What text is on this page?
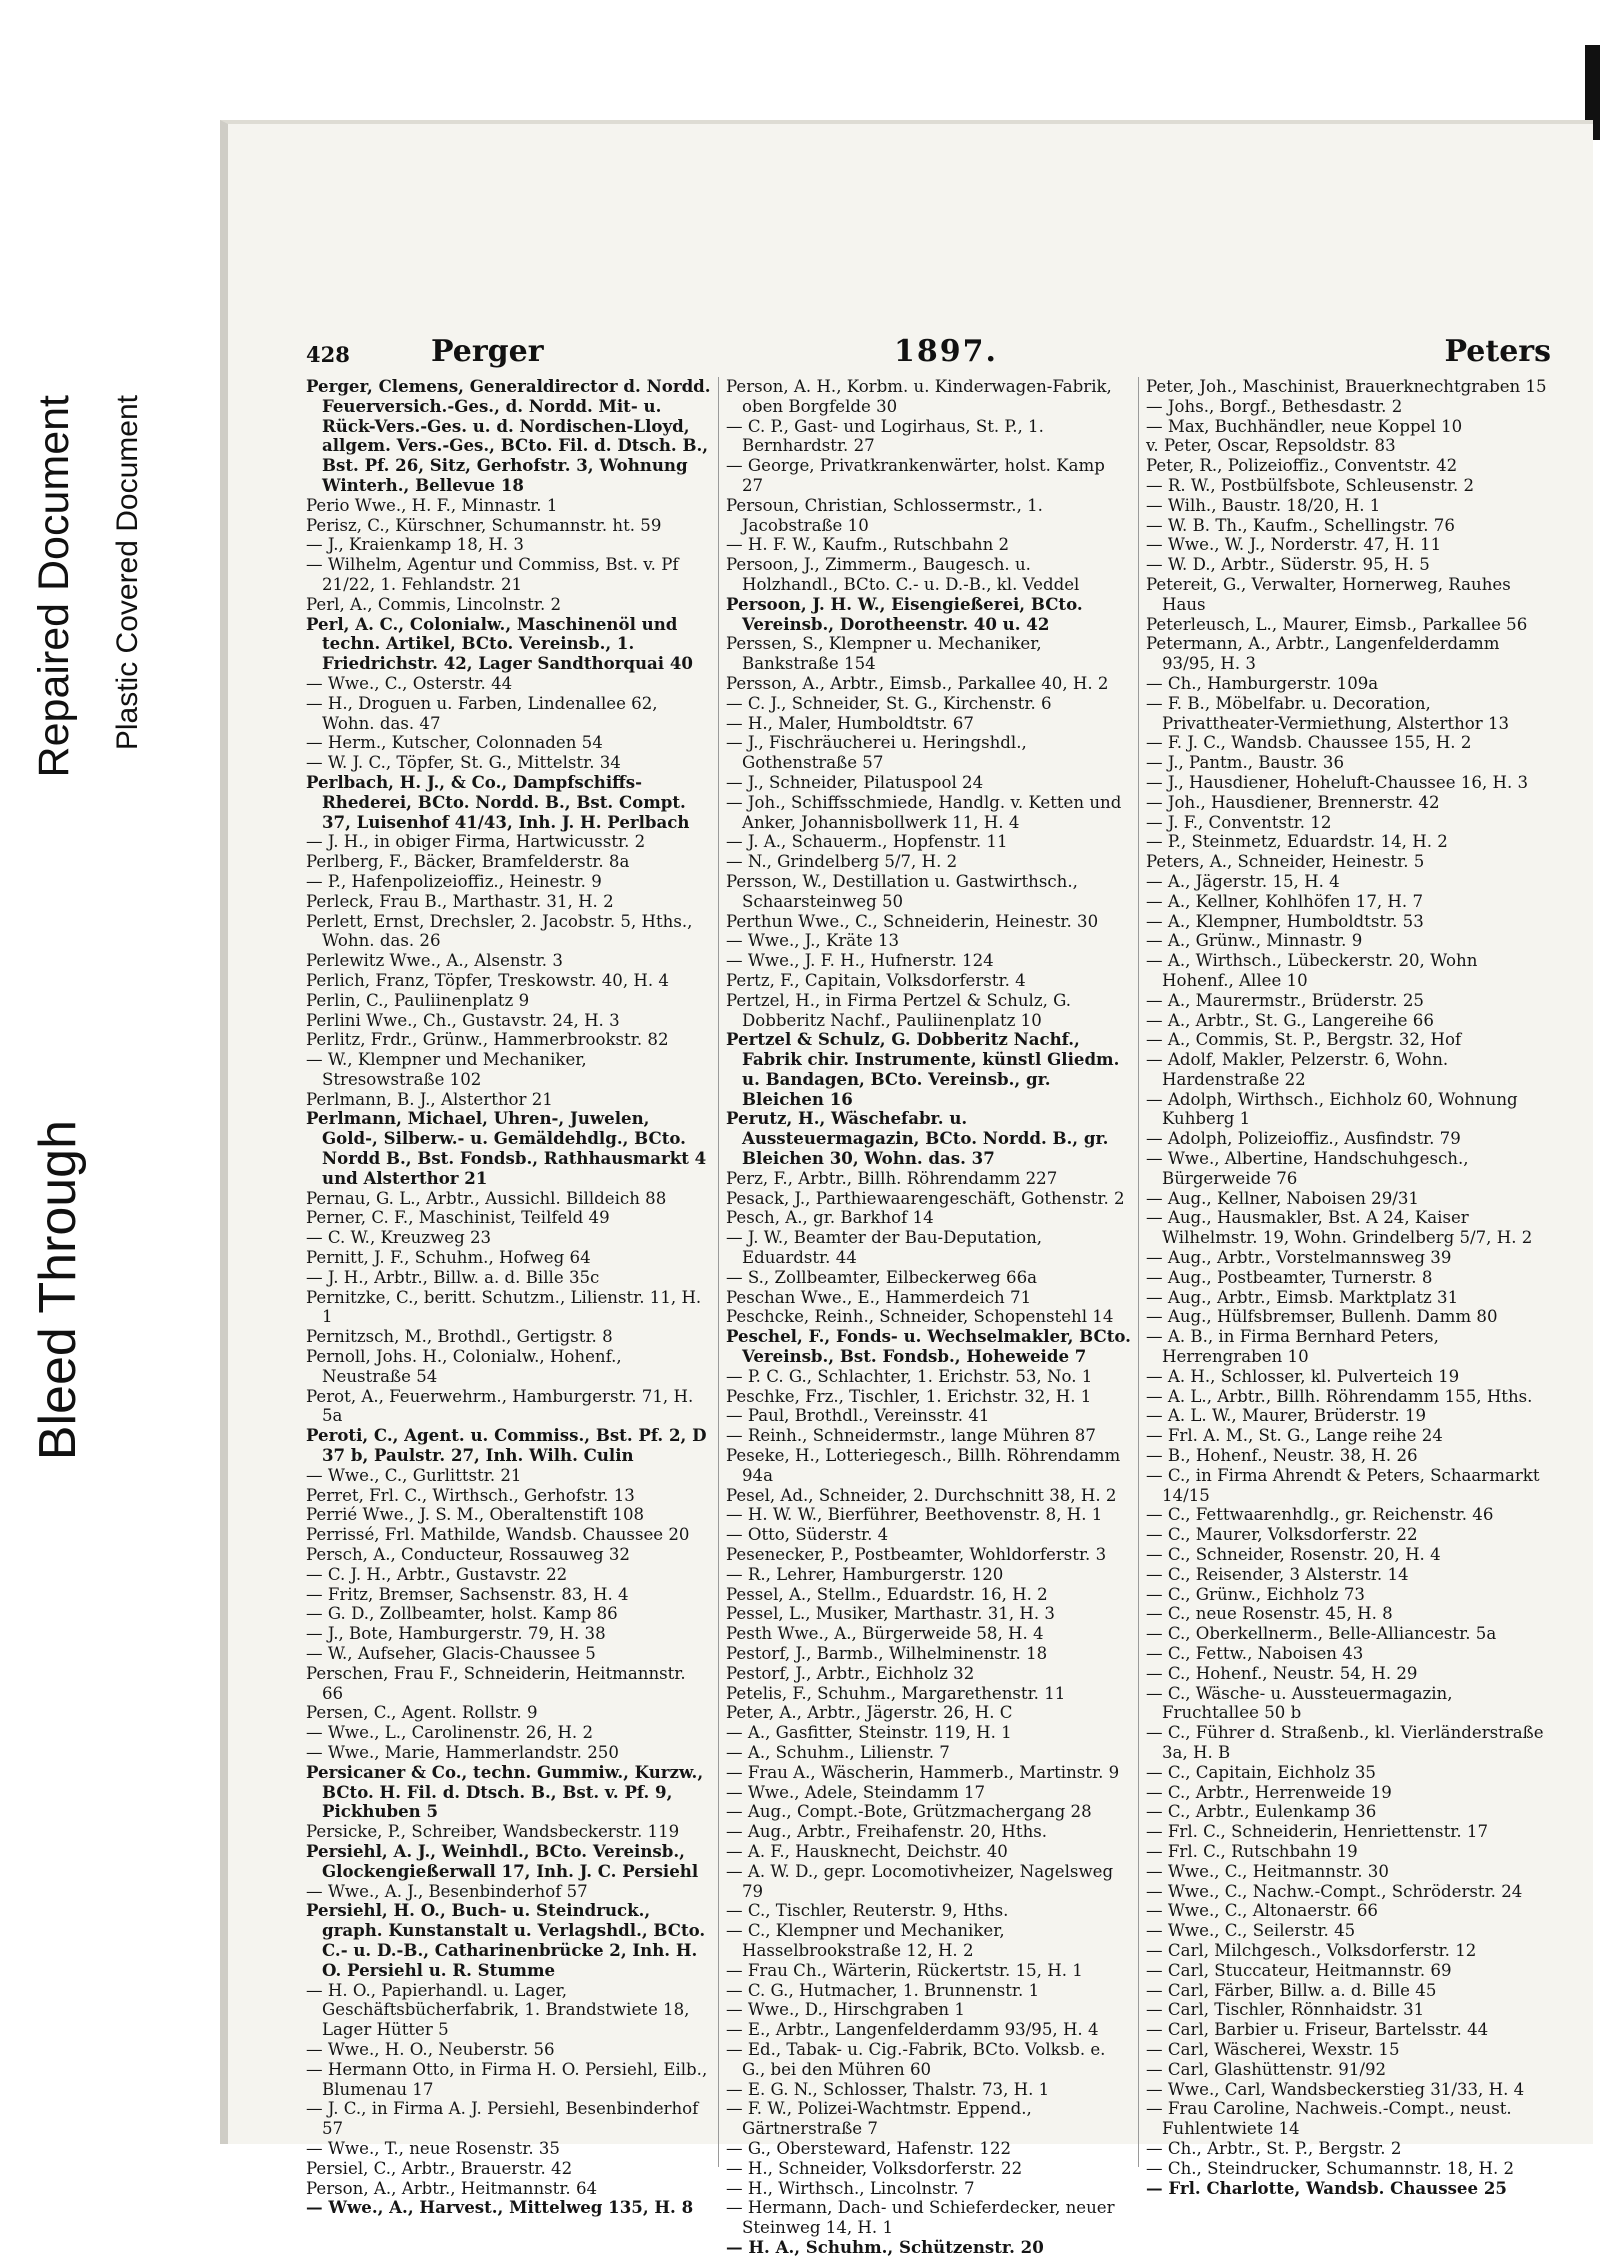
Bleed Through
Repaired Document Plastic Covered Document
428	Perger	1897.	Peters
Perger, Clemens, Generaldirector d. Nordd. Feuerversich.-Ges., d. Nordd. Mit- u. Rück-Vers.-Ges. u. d. Nordischen-Lloyd, allgem. Vers.-Ges., BCto. Fil. d. Dtsch. B., Bst. Pf. 26, Sitz, Gerhofstr. 3, Wohnung Winterh., Bellevue 18
Perio Wwe., H. F., Minnastr. 1
Perisz, C., Kürschner, Schumannstr. ht. 59
— J., Kraienkamp 18, H. 3
— Wilhelm, Agentur und Commiss, Bst. v. Pf 21/22, 1. Fehlandstr. 21
Perl, A., Commis, Lincolnstr. 2
Perl, A. C., Colonialw., Maschinenöl und techn. Artikel, BCto. Vereinsb., 1. Friedrichstr. 42, Lager Sandthorquai 40
— Wwe., C., Osterstr. 44
— H., Droguen u. Farben, Lindenallee 62, Wohn. das. 47
— Herm., Kutscher, Colonnaden 54
— W. J. C., Töpfer, St. G., Mittelstr. 34
Perlbach, H. J., & Co., Dampfschiffs-Rhederei, BCto. Nordd. B., Bst. Compt. 37, Luisenhof 41/43, Inh. J. H. Perlbach
— J. H., in obiger Firma, Hartwicusstr. 2
Perlberg, F., Bäcker, Bramfelderstr. 8a
— P., Hafenpolizeioffiz., Heinestr. 9
Perleck, Frau B., Marthastr. 31, H. 2
Perlett, Ernst, Drechsler, 2. Jacobstr. 5, Hths., Wohn. das. 26
Perlewitz Wwe., A., Alsenstr. 3
Perlich, Franz, Töpfer, Treskowstr. 40, H. 4
Perlin, C., Pauliinenplatz 9
Perlini Wwe., Ch., Gustavstr. 24, H. 3
Perlitz, Frdr., Grünw., Hammerbrookstr. 82
— W., Klempner und Mechaniker, Stresowstraße 102
Perlmann, B. J., Alsterthor 21
Perlmann, Michael, Uhren-, Juwelen, Gold-, Silberw.- u. Gemäldehdlg., BCto. Nordd B., Bst. Fondsb., Rathhausmarkt 4 und Alsterthor 21
Pernau, G. L., Arbtr., Aussichl. Billdeich 88
Perner, C. F., Maschinist, Teilfeld 49
— C. W., Kreuzweg 23
Pernitt, J. F., Schuhm., Hofweg 64
— J. H., Arbtr., Billw. a. d. Bille 35c
Pernitzke, C., beritt. Schutzm., Lilienstr. 11, H. 1
Pernitzsch, M., Brothdl., Gertigstr. 8
Pernoll, Johs. H., Colonialw., Hohenf., Neustraße 54
Perot, A., Feuerwehrm., Hamburgerstr. 71, H. 5a
Peroti, C., Agent. u. Commiss., Bst. Pf. 2, D 37 b, Paulstr. 27, Inh. Wilh. Culin
— Wwe., C., Gurlittstr. 21
Perret, Frl. C., Wirthsch., Gerhofstr. 13
Perrié Wwe., J. S. M., Oberaltenstift 108
Perrissé, Frl. Mathilde, Wandsb. Chaussee 20
Persch, A., Conducteur, Rossauweg 32
— C. J. H., Arbtr., Gustavstr. 22
— Fritz, Bremser, Sachsenstr. 83, H. 4
— G. D., Zollbeamter, holst. Kamp 86
— J., Bote, Hamburgerstr. 79, H. 38
— W., Aufseher, Glacis-Chaussee 5
Perschen, Frau F., Schneiderin, Heitmannstr. 66
Persen, C., Agent. Rollstr. 9
— Wwe., L., Carolinenstr. 26, H. 2
— Wwe., Marie, Hammerlandstr. 250
Persicaner & Co., techn. Gummiw., Kurzw., BCto. H. Fil. d. Dtsch. B., Bst. v. Pf. 9, Pickhuben 5
Persicke, P., Schreiber, Wandsbeckerstr. 119
Persiehl, A. J., Weinhdl., BCto. Vereinsb., Glockengießerwall 17, Inh. J. C. Persiehl
— Wwe., A. J., Besenbinderhof 57
Persiehl, H. O., Buch- u. Steindruck., graph. Kunstanstalt u. Verlagshdl., BCto. C.- u. D.-B., Catharinenbrücke 2, Inh. H. O. Persiehl u. R. Stumme
— H. O., Papierhandl. u. Lager, Geschäftsbücherfabrik, 1. Brandstwiete 18, Lager Hütter 5
— Wwe., H. O., Neuberstr. 56
— Hermann Otto, in Firma H. O. Persiehl, Eilb., Blumenau 17
— J. C., in Firma A. J. Persiehl, Besenbinderhof 57
— Wwe., T., neue Rosenstr. 35
Persiel, C., Arbtr., Brauerstr. 42
Person, A., Arbtr., Heitmannstr. 64
— Wwe., A., Harvest., Mittelweg 135, H. 8
Person, A. H., Korbm. u. Kinderwagen-Fabrik, oben Borgfelde 30
— C. P., Gast- und Logirhaus, St. P., 1. Bernhardstr. 27
— George, Privatkrankenwärter, holst. Kamp 27
Persoun, Christian, Schlossermstr., 1. Jacobstraße 10
— H. F. W., Kaufm., Rutschbahn 2
Persoon, J., Zimmerm., Baugesch. u. Holzhandl., BCto. C.- u. D.-B., kl. Veddel
Persoon, J. H. W., Eisengießerei, BCto. Vereinsb., Dorotheenstr. 40 u. 42
Perssen, S., Klempner u. Mechaniker, Bankstraße 154
Persson, A., Arbtr., Eimsb., Parkallee 40, H. 2
— C. J., Schneider, St. G., Kirchenstr. 6
— H., Maler, Humboldtstr. 67
— J., Fischräucherei u. Heringshdl., Gothenstraße 57
— J., Schneider, Pilatuspool 24
— Joh., Schiffsschmiede, Handlg. v. Ketten und Anker, Johannisbollwerk 11, H. 4
— J. A., Schauerm., Hopfenstr. 11
— N., Grindelberg 5/7, H. 2
Persson, W., Destillation u. Gastwirthsch., Schaarsteinweg 50
Perthun Wwe., C., Schneiderin, Heinestr. 30
— Wwe., J., Kräte 13
— Wwe., J. F. H., Hufnerstr. 124
Pertz, F., Capitain, Volksdorferstr. 4
Pertzel, H., in Firma Pertzel & Schulz, G. Dobberitz Nachf., Pauliinenplatz 10
Pertzel & Schulz, G. Dobberitz Nachf., Fabrik chir. Instrumente, künstl Gliedm. u. Bandagen, BCto. Vereinsb., gr. Bleichen 16
Perutz, H., Wäschefabr. u. Aussteuermagazin, BCto. Nordd. B., gr. Bleichen 30, Wohn. das. 37
Perz, F., Arbtr., Billh. Röhrendamm 227
Pesack, J., Parthiewaarengeschäft, Gothenstr. 2
Pesch, A., gr. Barkhof 14
— J. W., Beamter der Bau-Deputation, Eduardstr. 44
— S., Zollbeamter, Eilbeckerweg 66a
Peschan Wwe., E., Hammerdeich 71
Peschcke, Reinh., Schneider, Schopenstehl 14
Peschel, F., Fonds- u. Wechselmakler, BCto. Vereinsb., Bst. Fondsb., Hoheweide 7
— P. C. G., Schlachter, 1. Erichstr. 53, No. 1
Peschke, Frz., Tischler, 1. Erichstr. 32, H. 1
— Paul, Brothdl., Vereinsstr. 41
— Reinh., Schneidermstr., lange Mühren 87
Peseke, H., Lotteriegesch., Billh. Röhrendamm 94a
Pesel, Ad., Schneider, 2. Durchschnitt 38, H. 2
— H. W. W., Bierführer, Beethovenstr. 8, H. 1
— Otto, Süderstr. 4
Pesenecker, P., Postbeamter, Wohldorferstr. 3
— R., Lehrer, Hamburgerstr. 120
Pessel, A., Stellm., Eduardstr. 16, H. 2
Pessel, L., Musiker, Marthastr. 31, H. 3
Pesth Wwe., A., Bürgerweide 58, H. 4
Pestorf, J., Barmb., Wilhelminenstr. 18
Pestorf, J., Arbtr., Eichholz 32
Petelis, F., Schuhm., Margarethenstr. 11
Peter, A., Arbtr., Jägerstr. 26, H. C
— A., Gasfitter, Steinstr. 119, H. 1
— A., Schuhm., Lilienstr. 7
— Frau A., Wäscherin, Hammerb., Martinstr. 9
— Wwe., Adele, Steindamm 17
— Aug., Compt.-Bote, Grützmachergang 28
— Aug., Arbtr., Freihafenstr. 20, Hths.
— A. F., Hausknecht, Deichstr. 40
— A. W. D., gepr. Locomotivheizer, Nagelsweg 79
— C., Tischler, Reuterstr. 9, Hths.
— C., Klempner und Mechaniker, Hasselbrookstraße 12, H. 2
— Frau Ch., Wärterin, Rückertstr. 15, H. 1
— C. G., Hutmacher, 1. Brunnenstr. 1
— Wwe., D., Hirschgraben 1
— E., Arbtr., Langenfelderdamm 93/95, H. 4
— Ed., Tabak- u. Cig.-Fabrik, BCto. Volksb. e. G., bei den Mühren 60
— E. G. N., Schlosser, Thalstr. 73, H. 1
— F. W., Polizei-Wachtmstr. Eppend., Gärtnerstraße 7
— G., Obersteward, Hafenstr. 122
— H., Schneider, Volksdorferstr. 22
— H., Wirthsch., Lincolnstr. 7
— Hermann, Dach- und Schieferdecker, neuer Steinweg 14, H. 1
— H. A., Schuhm., Schützenstr. 20
Peter, Joh., Maschinist, Brauerknechtgraben 15
— Johs., Borgf., Bethesdastr. 2
— Max, Buchhändler, neue Koppel 10
v. Peter, Oscar, Repsoldstr. 83
Peter, R., Polizeioffiz., Conventstr. 42
— R. W., Postbülfsbote, Schleusenstr. 2
— Wilh., Baustr. 18/20, H. 1
— W. B. Th., Kaufm., Schellingstr. 76
— Wwe., W. J., Norderstr. 47, H. 11
— W. D., Arbtr., Süderstr. 95, H. 5
Petereit, G., Verwalter, Hornerweg, Rauhes Haus
Peterleusch, L., Maurer, Eimsb., Parkallee 56
Petermann, A., Arbtr., Langenfelderdamm 93/95, H. 3
— Ch., Hamburgerstr. 109a
— F. B., Möbelfabr. u. Decoration, Privattheater-Vermiethung, Alsterthor 13
— F. J. C., Wandsb. Chaussee 155, H. 2
— J., Pantm., Baustr. 36
— J., Hausdiener, Hoheluft-Chaussee 16, H. 3
— Joh., Hausdiener, Brennerstr. 42
— J. F., Conventstr. 12
— P., Steinmetz, Eduardstr. 14, H. 2
Peters, A., Schneider, Heinestr. 5
— A., Jägerstr. 15, H. 4
— A., Kellner, Kohlhöfen 17, H. 7
— A., Klempner, Humboldtstr. 53
— A., Grünw., Minnastr. 9
— A., Wirthsch., Lübeckerstr. 20, Wohn Hohenf., Allee 10
— A., Maurermstr., Brüderstr. 25
— A., Arbtr., St. G., Langereihe 66
— A., Commis, St. P., Bergstr. 32, Hof
— Adolf, Makler, Pelzerstr. 6, Wohn. Hardenstraße 22
— Adolph, Wirthsch., Eichholz 60, Wohnung Kuhberg 1
— Adolph, Polizeioffiz., Ausfindstr. 79
— Wwe., Albertine, Handschuhgesch., Bürgerweide 76
— Aug., Kellner, Naboisen 29/31
— Aug., Hausmakler, Bst. A 24, Kaiser Wilhelmstr. 19, Wohn. Grindelberg 5/7, H. 2
— Aug., Arbtr., Vorstelmannsweg 39
— Aug., Postbeamter, Turnerstr. 8
— Aug., Arbtr., Eimsb. Marktplatz 31
— Aug., Hülfsbremser, Bullenh. Damm 80
— A. B., in Firma Bernhard Peters, Herrengraben 10
— A. H., Schlosser, kl. Pulverteich 19
— A. L., Arbtr., Billh. Röhrendamm 155, Hths.
— A. L. W., Maurer, Brüderstr. 19
— Frl. A. M., St. G., Lange reihe 24
— B., Hohenf., Neustr. 38, H. 26
— C., in Firma Ahrendt & Peters, Schaarmarkt 14/15
— C., Fettwaarenhdlg., gr. Reichenstr. 46
— C., Maurer, Volksdorferstr. 22
— C., Schneider, Rosenstr. 20, H. 4
— C., Reisender, 3 Alsterstr. 14
— C., Grünw., Eichholz 73
— C., neue Rosenstr. 45, H. 8
— C., Oberkellnerm., Belle-Alliancestr. 5a
— C., Fettw., Naboisen 43
— C., Hohenf., Neustr. 54, H. 29
— C., Wäsche- u. Aussteuermagazin, Fruchtallee 50 b
— C., Führer d. Straßenb., kl. Vierländerstraße 3a, H. B
— C., Capitain, Eichholz 35
— C., Arbtr., Herrenweide 19
— C., Arbtr., Eulenkamp 36
— Frl. C., Schneiderin, Henriettenstr. 17
— Frl. C., Rutschbahn 19
— Wwe., C., Heitmannstr. 30
— Wwe., C., Nachw.-Compt., Schröderstr. 24
— Wwe., C., Altonaerstr. 66
— Wwe., C., Seilerstr. 45
— Carl, Milchgesch., Volksdorferstr. 12
— Carl, Stuccateur, Heitmannstr. 69
— Carl, Färber, Billw. a. d. Bille 45
— Carl, Tischler, Rönnhaidstr. 31
— Carl, Barbier u. Friseur, Bartelsstr. 44
— Carl, Wäscherei, Wexstr. 15
— Carl, Glashüttenstr. 91/92
— Wwe., Carl, Wandsbeckerstieg 31/33, H. 4
— Frau Caroline, Nachweis.-Compt., neust. Fuhlentwiete 14
— Ch., Arbtr., St. P., Bergstr. 2
— Ch., Steindrucker, Schumannstr. 18, H. 2
— Frl. Charlotte, Wandsb. Chaussee 25
